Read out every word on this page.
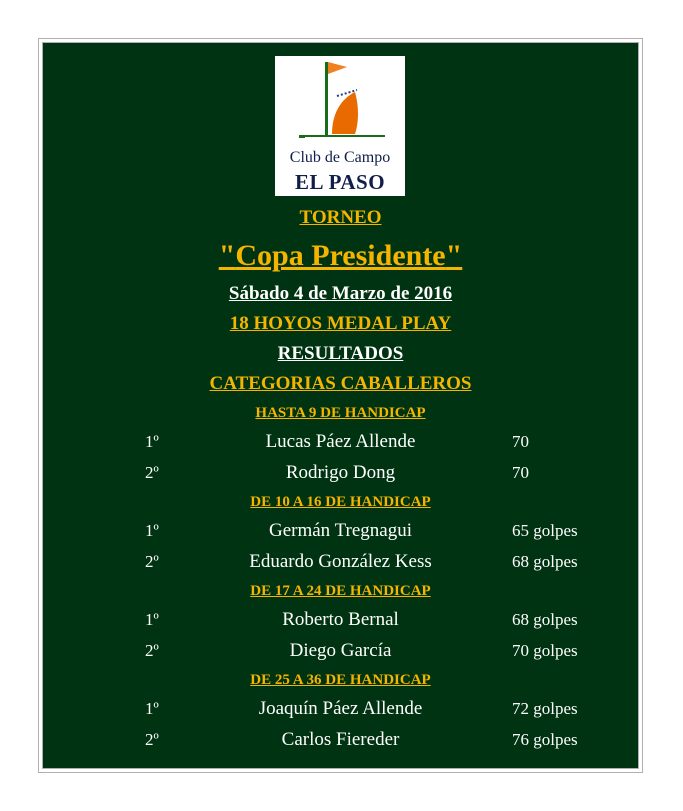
Club de Campo
EL PASO
TORNEO
"Copa Presidente"
Sábado 4 de Marzo de 2016
18 HOYOS MEDAL PLAY
RESULTADOS
CATEGORIAS CABALLEROS
HASTA 9 DE HANDICAP
1º	Lucas Páez Allende	70
2º	Rodrigo Dong	70
DE 10 A 16 DE HANDICAP
1º	Germán Tregnagui	65 golpes
2º	Eduardo González Kess	68 golpes
DE 17 A 24 DE HANDICAP
1º	Roberto Bernal	68 golpes
2º	Diego García	70 golpes
DE 25 A 36 DE HANDICAP
1º	Joaquín Páez Allende	72 golpes
2º	Carlos Fiereder	76 golpes
